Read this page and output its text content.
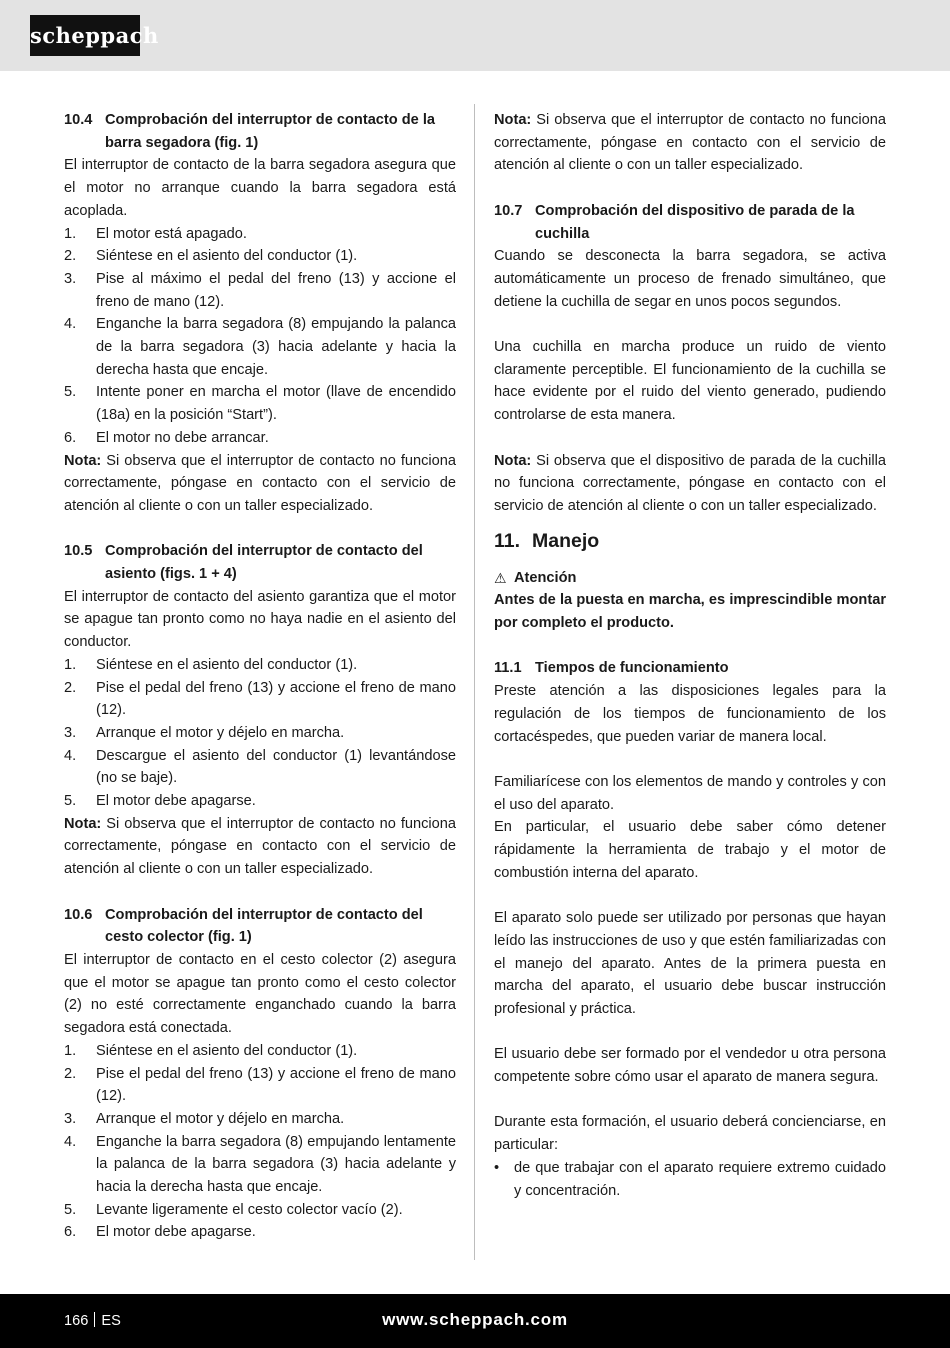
scheppach
10.4 Comprobación del interruptor de contacto de la barra segadora (fig. 1)

El interruptor de contacto de la barra segadora asegura que el motor no arranque cuando la barra segadora está acoplada.

1.	El motor está apagado.
2.	Siéntese en el asiento del conductor (1).
3.	Pise al máximo el pedal del freno (13) y accione el freno de mano (12).
4.	Enganche la barra segadora (8) empujando la palanca de la barra segadora (3) hacia adelante y hacia la derecha hasta que encaje.
5.	Intente poner en marcha el motor (llave de encendido (18a) en la posición “Start”).
6.	El motor no debe arrancar.

Nota: Si observa que el interruptor de contacto no funciona correctamente, póngase en contacto con el servicio de atención al cliente o con un taller especializado.

10.5 Comprobación del interruptor de contacto del asiento (figs. 1 + 4)

El interruptor de contacto del asiento garantiza que el motor se apague tan pronto como no haya nadie en el asiento del conductor.

1.	Siéntese en el asiento del conductor (1).
2.	Pise el pedal del freno (13) y accione el freno de mano (12).
3.	Arranque el motor y déjelo en marcha.
4.	Descargue el asiento del conductor (1) levantándose (no se baje).
5.	El motor debe apagarse.

Nota: Si observa que el interruptor de contacto no funciona correctamente, póngase en contacto con el servicio de atención al cliente o con un taller especializado.

10.6 Comprobación del interruptor de contacto del cesto colector (fig. 1)

El interruptor de contacto en el cesto colector (2) asegura que el motor se apague tan pronto como el cesto colector (2) no esté correctamente enganchado cuando la barra segadora está conectada.

1.	Siéntese en el asiento del conductor (1).
2.	Pise el pedal del freno (13) y accione el freno de mano (12).
3.	Arranque el motor y déjelo en marcha.
4.	Enganche la barra segadora (8) empujando lentamente la palanca de la barra segadora (3) hacia adelante y hacia la derecha hasta que encaje.
5.	Levante ligeramente el cesto colector vacío (2).
6.	El motor debe apagarse.

Nota: Si observa que el interruptor de contacto no funciona correctamente, póngase en contacto con el servicio de atención al cliente o con un taller especializado.

10.7 Comprobación del dispositivo de parada de la cuchilla

Cuando se desconecta la barra segadora, se activa automáticamente un proceso de frenado simultáneo, que detiene la cuchilla de segar en unos pocos segundos.

Una cuchilla en marcha produce un ruido de viento claramente perceptible. El funcionamiento de la cuchilla se hace evidente por el ruido del viento generado, pudiendo controlarse de esta manera.

Nota: Si observa que el dispositivo de parada de la cuchilla no funciona correctamente, póngase en contacto con el servicio de atención al cliente o con un taller especializado.

11. Manejo
⚠ Atención

Antes de la puesta en marcha, es imprescindible montar por completo el producto.

11.1 Tiempos de funcionamiento

Preste atención a las disposiciones legales para la regulación de los tiempos de funcionamiento de los cortacéspedes, que pueden variar de manera local.

Familiarícese con los elementos de mando y controles y con el uso del aparato.

En particular, el usuario debe saber cómo detener rápidamente la herramienta de trabajo y el motor de combustión interna del aparato.

El aparato solo puede ser utilizado por personas que hayan leído las instrucciones de uso y que estén familiarizadas con el manejo del aparato. Antes de la primera puesta en marcha del aparato, el usuario debe buscar instrucción profesional y práctica.

El usuario debe ser formado por el vendedor u otra persona competente sobre cómo usar el aparato de manera segura.

Durante esta formación, el usuario deberá concienciarse, en particular:

•	de que trabajar con el aparato requiere extremo cuidado y concentración.
166 ES	www.scheppach.com
